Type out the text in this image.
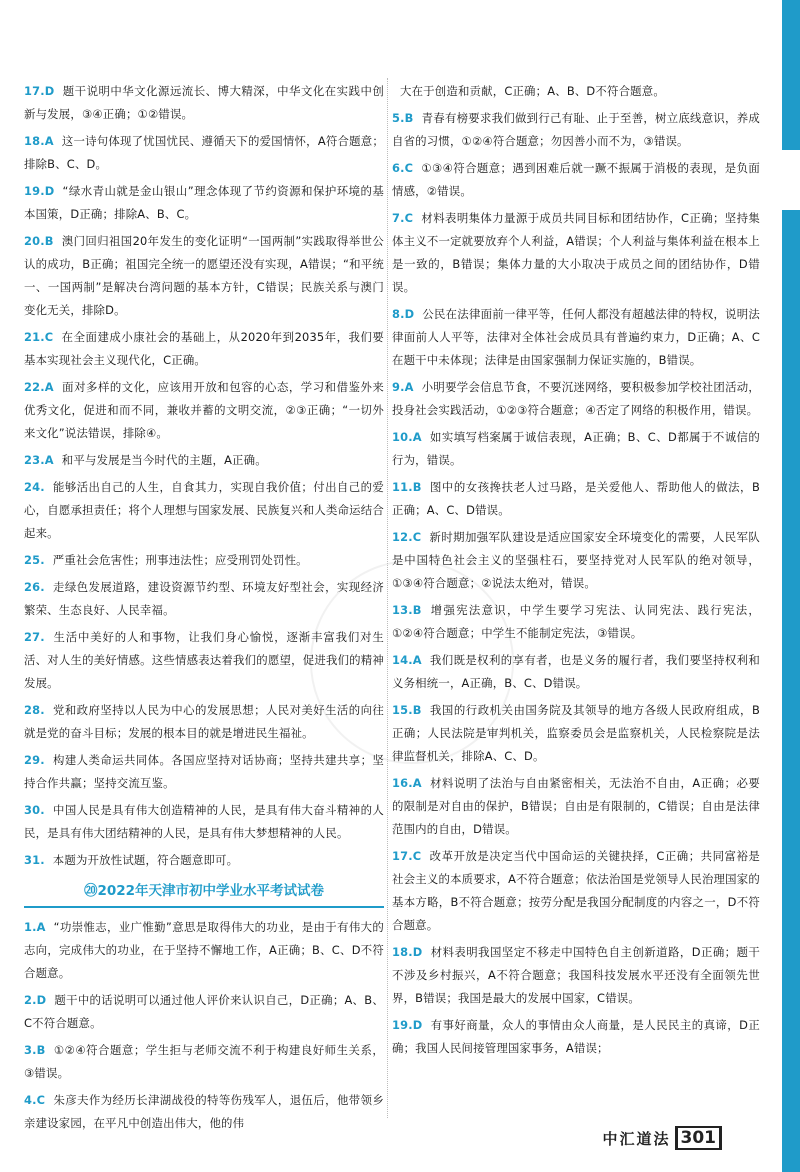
17.D 题干说明中华文化源远流长、博大精深，中华文化在实践中创新与发展，③④正确；①②错误。
18.A 这一诗句体现了忧国忧民、遵循天下的爱国情怀，A符合题意；排除B、C、D。
19.D “绿水青山就是金山银山”理念体现了节约资源和保护环境的基本国策，D正确；排除A、B、C。
20.B 澳门回归祖国20年发生的变化证明“一国两制”实践取得举世公认的成功，B正确；祖国完全统一的愿望还没有实现，A错误；“和平统一、一国两制”是解决台湾问题的基本方针，C错误；民族关系与澳门变化无关，排除D。
21.C 在全面建成小康社会的基础上，从2020年到2035年，我们要基本实现社会主义现代化，C正确。
22.A 面对多样的文化，应该用开放和包容的心态，学习和借鉴外来优秀文化，促进和而不同，兼收并蓄的文明交流，②③正确；“一切外来文化”说法错误，排除④。
23.A 和平与发展是当今时代的主题，A正确。
24. 能够活出自己的人生，自食其力，实现自我价值；付出自己的爱心，自愿承担责任；将个人理想与国家发展、民族复兴和人类命运结合起来。
25. 严重社会危害性；刑事违法性；应受刑罚处罚性。
26. 走绿色发展道路，建设资源节约型、环境友好型社会，实现经济繁荣、生态良好、人民幸福。
27. 生活中美好的人和事物，让我们身心愉悦，逐渐丰富我们对生活、对人生的美好情感。这些情感表达着我们的愿望，促进我们的精神发展。
28. 党和政府坚持以人民为中心的发展思想；人民对美好生活的向往就是党的奋斗目标；发展的根本目的就是增进民生福祉。
29. 构建人类命运共同体。各国应坚持对话协商；坚持共建共享；坚持合作共赢；坚持交流互鉴。
30. 中国人民是具有伟大创造精神的人民，是具有伟大奋斗精神的人民，是具有伟大团结精神的人民，是具有伟大梦想精神的人民。
31. 本题为开放性试题，符合题意即可。
⑳2022年天津市初中学业水平考试试卷
1.A “功崇惟志，业广惟勤”意思是取得伟大的功业，是由于有伟大的志向，完成伟大的功业，在于坚持不懈地工作，A正确；B、C、D不符合题意。
2.D 题干中的话说明可以通过他人评价来认识自己，D正确；A、B、C不符合题意。
3.B ①②④符合题意；学生拒与老师交流不利于构建良好师生关系，③错误。
4.C 朱彦夫作为经历长津湖战役的特等伤残军人，退伍后，他带领乡亲建设家园，在平凡中创造出伟大，他的伟
大在于创造和贡献，C正确；A、B、D不符合题意。
5.B 青春有榜要求我们做到行己有耻、止于至善，树立底线意识，养成自省的习惯，①②④符合题意；勿因善小而不为，③错误。
6.C ①③④符合题意；遇到困难后就一蹶不振属于消极的表现，是负面情感，②错误。
7.C 材料表明集体力量源于成员共同目标和团结协作，C正确；坚持集体主义不一定就要放弃个人利益，A错误；个人利益与集体利益在根本上是一致的，B错误；集体力量的大小取决于成员之间的团结协作，D错误。
8.D 公民在法律面前一律平等，任何人都没有超越法律的特权，说明法律面前人人平等，法律对全体社会成员具有普遍约束力，D正确；A、C在题干中未体现；法律是由国家强制力保证实施的，B错误。
9.A 小明要学会信息节食，不要沉迷网络，要积极参加学校社团活动，投身社会实践活动，①②③符合题意；④否定了网络的积极作用，错误。
10.A 如实填写档案属于诚信表现，A正确；B、C、D都属于不诚信的行为，错误。
11.B 图中的女孩搀扶老人过马路，是关爱他人、帮助他人的做法，B正确；A、C、D错误。
12.C 新时期加强军队建设是适应国家安全环境变化的需要，人民军队是中国特色社会主义的坚强柱石，要坚持党对人民军队的绝对领导，①③④符合题意；②说法太绝对，错误。
13.B 增强宪法意识，中学生要学习宪法、认同宪法、践行宪法，①②④符合题意；中学生不能制定宪法，③错误。
14.A 我们既是权利的享有者，也是义务的履行者，我们要坚持权利和义务相统一，A正确，B、C、D错误。
15.B 我国的行政机关由国务院及其领导的地方各级人民政府组成，B正确；人民法院是审判机关，监察委员会是监察机关，人民检察院是法律监督机关，排除A、C、D。
16.A 材料说明了法治与自由紧密相关，无法治不自由，A正确；必要的限制是对自由的保护，B错误；自由是有限制的，C错误；自由是法律范围内的自由，D错误。
17.C 改革开放是决定当代中国命运的关键抉择，C正确；共同富裕是社会主义的本质要求，A不符合题意；依法治国是党领导人民治理国家的基本方略，B不符合题意；按劳分配是我国分配制度的内容之一，D不符合题意。
18.D 材料表明我国坚定不移走中国特色自主创新道路，D正确；题干不涉及乡村振兴，A不符合题意；我国科技发展水平还没有全面领先世界，B错误；我国是最大的发展中国家，C错误。
19.D 有事好商量，众人的事情由众人商量，是人民民主的真谛，D正确；我国人民间接管理国家事务，A错误；
中汇道法 301
